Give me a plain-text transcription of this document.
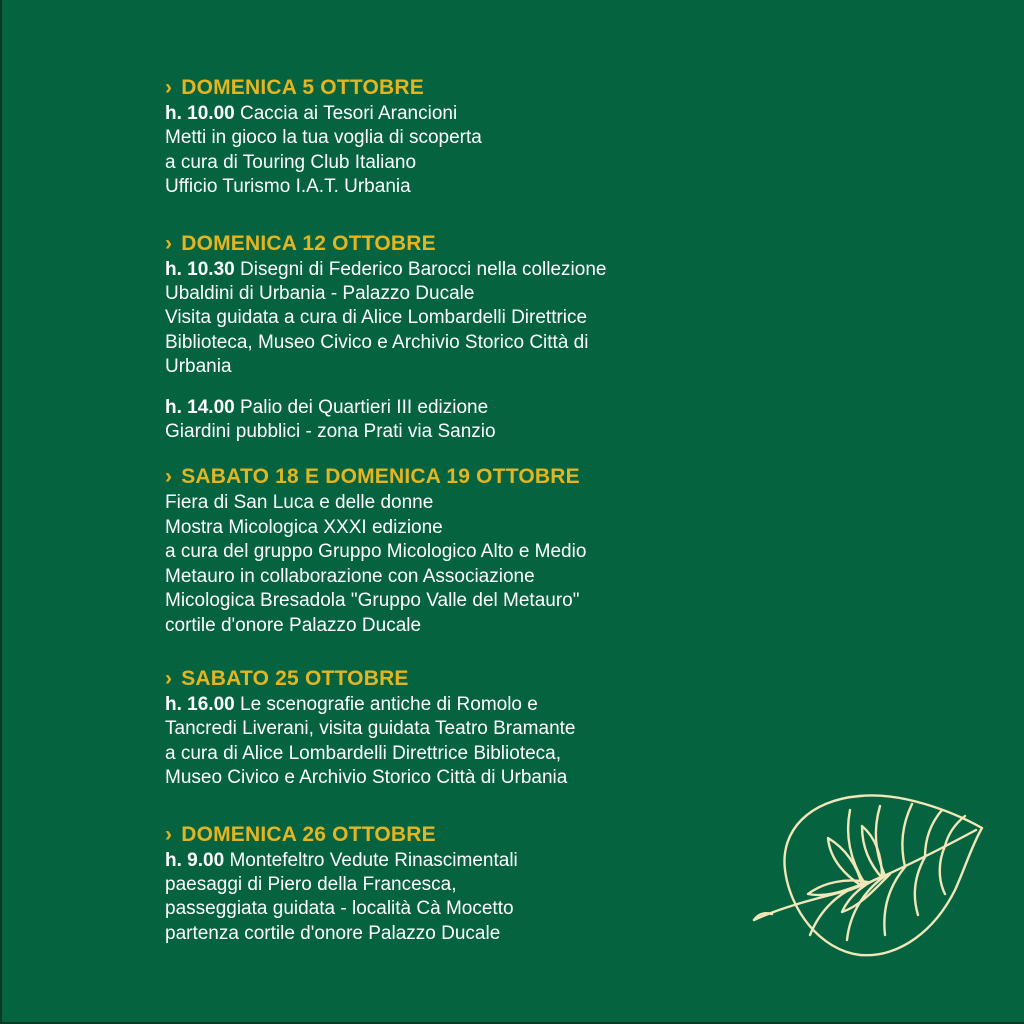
› DOMENICA 5 OTTOBRE
h. 10.00 Caccia ai Tesori Arancioni
Metti in gioco la tua voglia di scoperta
a cura di Touring Club Italiano
Ufficio Turismo I.A.T. Urbania
› DOMENICA 12 OTTOBRE
h. 10.30 Disegni di Federico Barocci nella collezione
Ubaldini di Urbania - Palazzo Ducale
Visita guidata a cura di Alice Lombardelli Direttrice
Biblioteca, Museo Civico e Archivio Storico Città di
Urbania
h. 14.00 Palio dei Quartieri III edizione
Giardini pubblici - zona Prati via Sanzio
› SABATO 18 E DOMENICA 19 OTTOBRE
Fiera di San Luca e delle donne
Mostra Micologica XXXI edizione
a cura del gruppo Gruppo Micologico Alto e Medio
Metauro in collaborazione con Associazione
Micologica Bresadola "Gruppo Valle del Metauro"
cortile d'onore Palazzo Ducale
› SABATO 25 OTTOBRE
h. 16.00 Le scenografie antiche di Romolo e
Tancredi Liverani, visita guidata Teatro Bramante
a cura di Alice Lombardelli Direttrice Biblioteca,
Museo Civico e Archivio Storico Città di Urbania
› DOMENICA 26 OTTOBRE
h. 9.00 Montefeltro Vedute Rinascimentali
paesaggi di Piero della Francesca,
passeggiata guidata - località Cà Mocetto
partenza cortile d'onore Palazzo Ducale
